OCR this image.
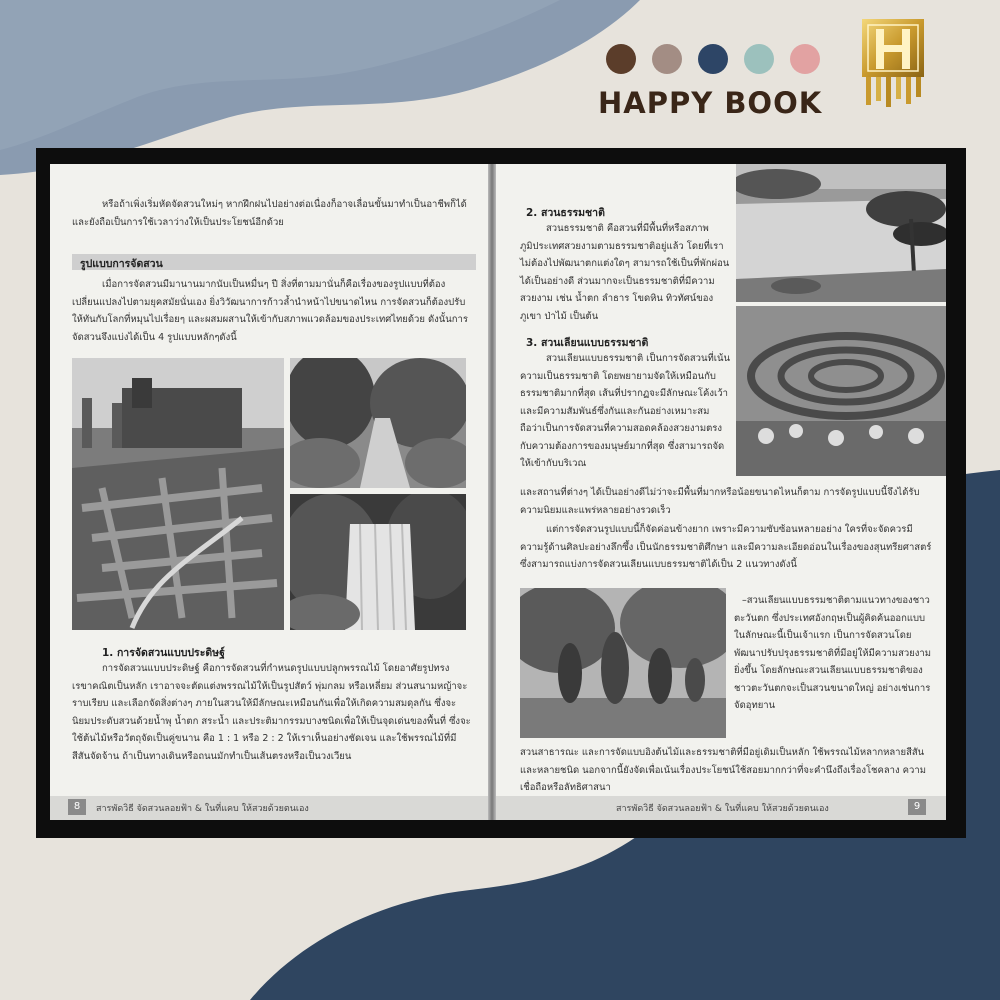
HAPPY BOOK
หรือถ้าเพิ่งเริ่มหัดจัดสวนใหม่ๆ หากฝึกฝนไปอย่างต่อเนื่องก็อาจเลื่อนขั้นมาทำเป็นอาชีพก็ได้ และยังถือเป็นการใช้เวลาว่างให้เป็นประโยชน์อีกด้วย
รูปแบบการจัดสวน
เมื่อการจัดสวนมีมานานมากนับเป็นหมื่นๆ ปี สิ่งที่ตามมานั่นก็คือเรื่องของรูปแบบที่ต้องเปลี่ยนแปลงไปตามยุคสมัยนั่นเอง ยิ่งวิวัฒนาการก้าวล้ำนำหน้าไปขนาดไหน การจัดสวนก็ต้องปรับให้ทันกับโลกที่หมุนไปเรื่อยๆ และผสมผสานให้เข้ากับสภาพแวดล้อมของประเทศไทยด้วย ดังนั้นการจัดสวนจึงแบ่งได้เป็น 4 รูปแบบหลักๆดังนี้
1. การจัดสวนแบบประดิษฐ์
การจัดสวนแบบประดิษฐ์ คือการจัดสวนที่กำหนดรูปแบบปลูกพรรณไม้ โดยอาศัยรูปทรงเรขาคณิตเป็นหลัก เราอาจจะตัดแต่งพรรณไม้ให้เป็นรูปสัตว์ พุ่มกลม หรือเหลี่ยม ส่วนสนามหญ้าจะราบเรียบ และเลือกจัดสิ่งต่างๆ ภายในสวนให้มีลักษณะเหมือนกันเพื่อให้เกิดความสมดุลกัน ซึ่งจะนิยมประดับสวนด้วยน้ำพุ น้ำตก สระน้ำ และประติมากรรมบางชนิดเพื่อให้เป็นจุดเด่นของพื้นที่ ซึ่งจะใช้ต้นไม้หรือวัตถุจัดเป็นคู่ขนาน คือ 1 : 1 หรือ 2 : 2 ให้เราเห็นอย่างชัดเจน และใช้พรรณไม้ที่มีสีสันจัดจ้าน ถ้าเป็นทางเดินหรือถนนมักทำเป็นเส้นตรงหรือเป็นวงเวียน
8	สารพัดวิธี จัดสวนลอยฟ้า & ในที่แคบ ให้สวยด้วยตนเอง
2. สวนธรรมชาติ
สวนธรรมชาติ คือสวนที่มีพื้นที่หรือสภาพภูมิประเทศสวยงามตามธรรมชาติอยู่แล้ว โดยที่เราไม่ต้องไปพัฒนาตกแต่งใดๆ สามารถใช้เป็นที่พักผ่อนได้เป็นอย่างดี ส่วนมากจะเป็นธรรมชาติที่มีความสวยงาม เช่น น้ำตก ลำธาร โขดหิน ทิวทัศน์ของภูเขา ป่าไม้ เป็นต้น
3. สวนเลียนแบบธรรมชาติ
สวนเลียนแบบธรรมชาติ เป็นการจัดสวนที่เน้นความเป็นธรรมชาติ โดยพยายามจัดให้เหมือนกับธรรมชาติมากที่สุด เส้นที่ปรากฏจะมีลักษณะโค้งเว้า และมีความสัมพันธ์ซึ่งกันและกันอย่างเหมาะสม ถือว่าเป็นการจัดสวนที่ความสอดคล้องสวยงามตรงกับความต้องการของมนุษย์มากที่สุด ซึ่งสามารถจัดให้เข้ากับบริเวณ
และสถานที่ต่างๆ ได้เป็นอย่างดีไม่ว่าจะมีพื้นที่มากหรือน้อยขนาดไหนก็ตาม การจัดรูปแบบนี้จึงได้รับความนิยมและแพร่หลายอย่างรวดเร็ว
แต่การจัดสวนรูปแบบนี้ก็จัดค่อนข้างยาก เพราะมีความซับซ้อนหลายอย่าง ใครที่จะจัดควรมีความรู้ด้านศิลปะอย่างลึกซึ้ง เป็นนักธรรมชาติศึกษา และมีความละเอียดอ่อนในเรื่องของสุนทรียศาสตร์ ซึ่งสามารถแบ่งการจัดสวนเลียนแบบธรรมชาติได้เป็น 2 แนวทางดังนี้
–สวนเลียนแบบธรรมชาติตามแนวทางของชาวตะวันตก ซึ่งประเทศอังกฤษเป็นผู้คิดค้นออกแบบในลักษณะนี้เป็นเจ้าแรก เป็นการจัดสวนโดยพัฒนาปรับปรุงธรรมชาติที่มีอยู่ให้มีความสวยงามยิ่งขึ้น โดยลักษณะสวนเลียนแบบธรรมชาติของชาวตะวันตกจะเป็นสวนขนาดใหญ่ อย่างเช่นการจัดอุทยาน
สวนสาธารณะ และการจัดแบบอิงต้นไม้และธรรมชาติที่มีอยู่เดิมเป็นหลัก ใช้พรรณไม้หลากหลายสีสันและหลายชนิด นอกจากนี้ยังจัดเพื่อเน้นเรื่องประโยชน์ใช้สอยมากกว่าที่จะคำนึงถึงเรื่องโชคลาง ความเชื่อถือหรือลัทธิศาสนา
สารพัดวิธี จัดสวนลอยฟ้า & ในที่แคบ ให้สวยด้วยตนเอง	9
